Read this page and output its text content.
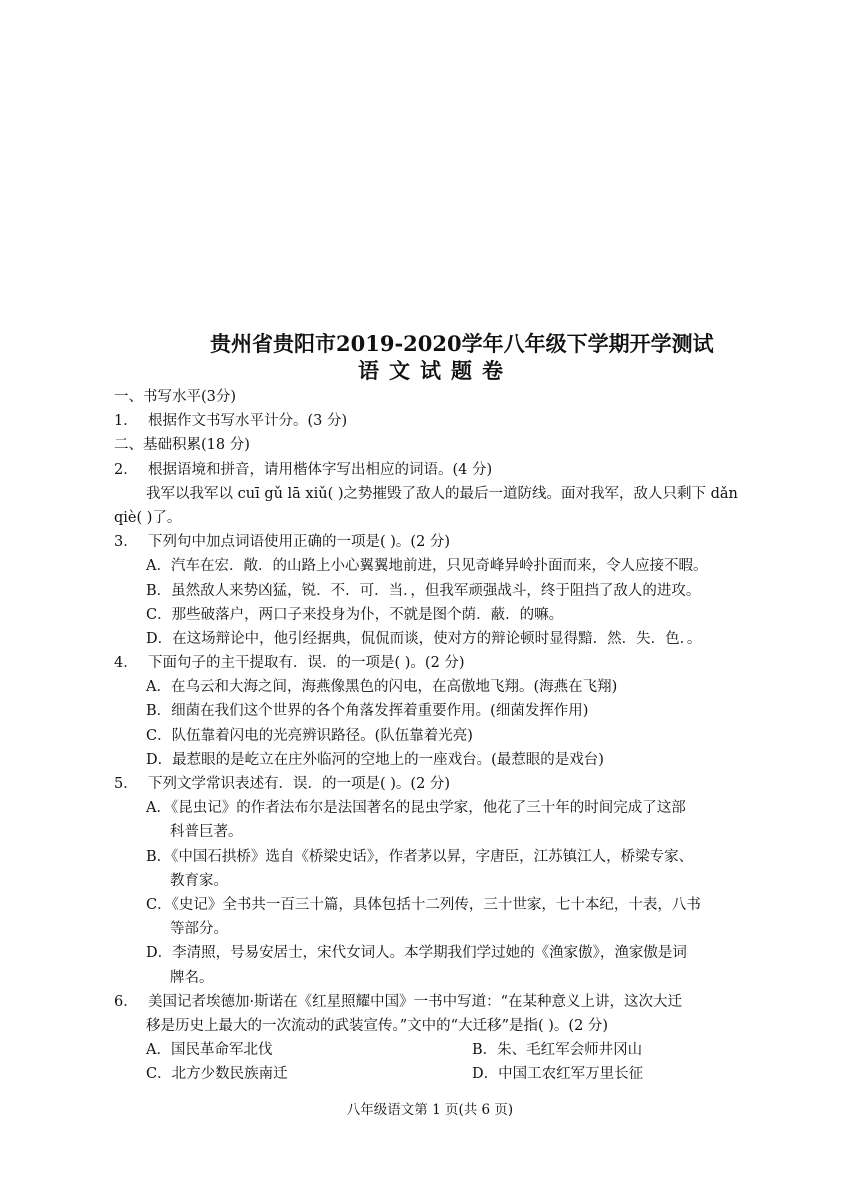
贵州省贵阳市2019-2020学年八年级下学期开学测试
语文试题卷
一、书写水平(3分)
1． 根据作文书写水平计分。(3 分)
二、基础积累(18 分)
2． 根据语境和拼音，请用楷体字写出相应的词语。(4 分)
我军以我军以 cuī gǔ lā xiǔ( )之势摧毁了敌人的最后一道防线。面对我军，敌人只剩下 dǎn
qiè( )了。
3． 下列句中加点词语使用正确的一项是( )。(2 分)
A．汽车在宏．敞．的山路上小心翼翼地前进，只见奇峰异岭扑面而来，令人应接不暇。
B．虽然敌人来势凶猛，锐．不．可．当．，但我军顽强战斗，终于阻挡了敌人的进攻。
C．那些破落户，两口子来投身为仆，不就是图个荫．蔽．的嘛。
D．在这场辩论中，他引经据典，侃侃而谈，使对方的辩论顿时显得黯．然．失．色．。
4． 下面句子的主干提取有．误．的一项是( )。(2 分)
A．在乌云和大海之间，海燕像黑色的闪电，在高傲地飞翔。(海燕在飞翔)
B．细菌在我们这个世界的各个角落发挥着重要作用。(细菌发挥作用)
C．队伍靠着闪电的光亮辨识路径。(队伍靠着光亮)
D．最惹眼的是屹立在庄外临河的空地上的一座戏台。(最惹眼的是戏台)
5． 下列文学常识表述有．误．的一项是( )。(2 分)
A．《昆虫记》的作者法布尔是法国著名的昆虫学家，他花了三十年的时间完成了这部
科普巨著。
B．《中国石拱桥》选自《桥梁史话》，作者茅以昇，字唐臣，江苏镇江人，桥梁专家、
教育家。
C．《史记》全书共一百三十篇，具体包括十二列传，三十世家，七十本纪，十表，八书
等部分。
D．李清照，号易安居士，宋代女词人。本学期我们学过她的《渔家傲》，渔家傲是词
牌名。
6． 美国记者埃德加·斯诺在《红星照耀中国》一书中写道：“在某种意义上讲，这次大迁
移是历史上最大的一次流动的武装宣传。”文中的“大迁移”是指( )。(2 分)
A．国民革命军北伐	B．朱、毛红军会师井冈山
C．北方少数民族南迁	D．中国工农红军万里长征
八年级语文第 1 页(共 6 页)
